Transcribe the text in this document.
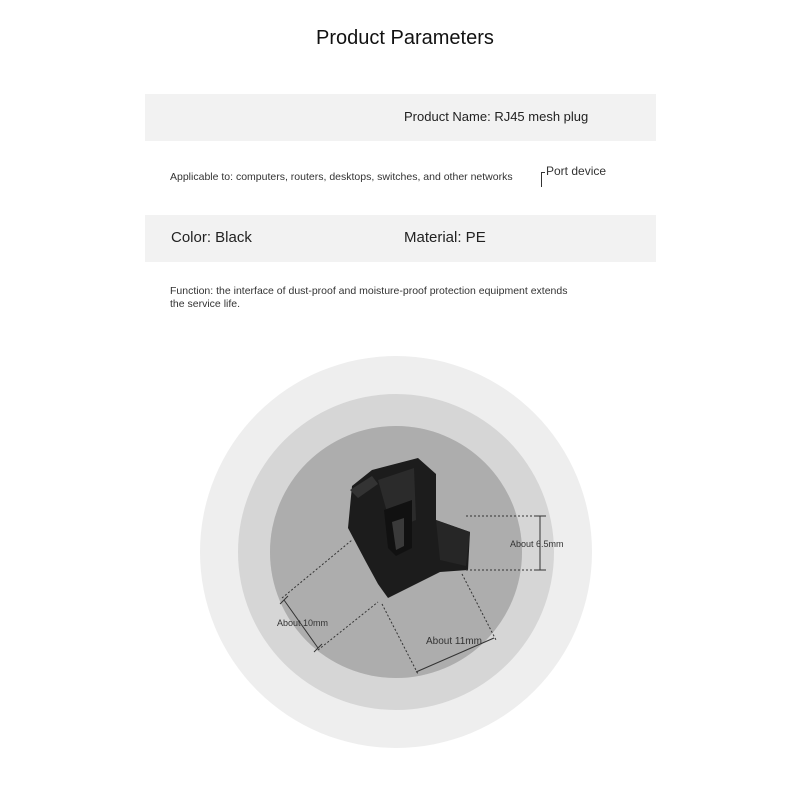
Product Parameters
Product Name: RJ45 mesh plug
Applicable to: computers, routers, desktops, switches, and other networks	Port device
Color: Black	Material: PE
Function: the interface of dust-proof and moisture-proof protection equipment extends the service life.
About 6.5mm
About 10mm
About 11mm
